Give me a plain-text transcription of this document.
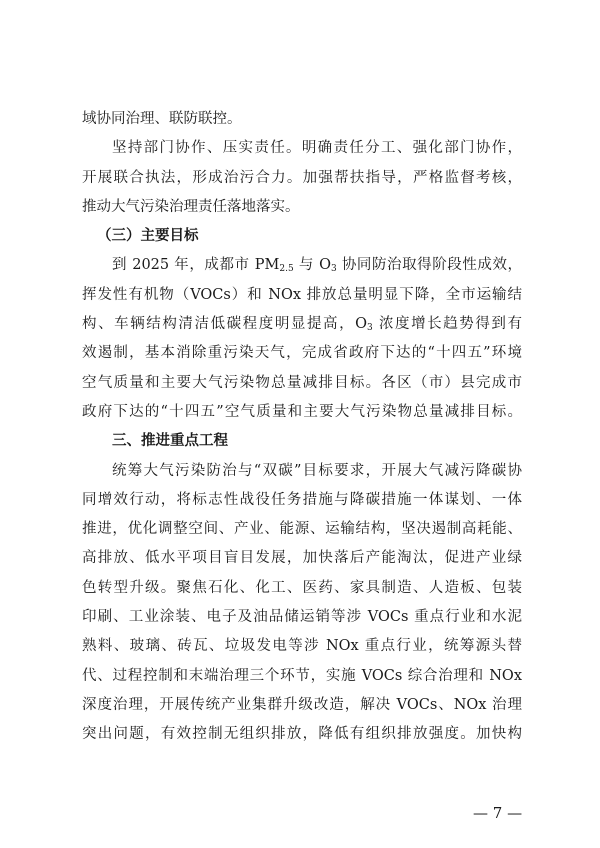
域协同治理、联防联控。
坚持部门协作、压实责任。明确责任分工、强化部门协作，
开展联合执法，形成治污合力。加强帮扶指导，严格监督考核，
推动大气污染治理责任落地落实。
（三）主要目标
到 2025 年，成都市 $PM_{2.5}$ 与 $O_3$ 协同防治取得阶段性成效，
挥发性有机物（VOCs）和 NOx 排放总量明显下降，全市运输结
构、车辆结构清洁低碳程度明显提高，$O_3$ 浓度增长趋势得到有
效遏制，基本消除重污染天气，完成省政府下达的“十四五”环境
空气质量和主要大气污染物总量减排目标。各区（市）县完成市
政府下达的“十四五”空气质量和主要大气污染物总量减排目标。
三、推进重点工程
统筹大气污染防治与“双碳”目标要求，开展大气减污降碳协
同增效行动，将标志性战役任务措施与降碳措施一体谋划、一体
推进，优化调整空间、产业、能源、运输结构，坚决遏制高耗能、
高排放、低水平项目盲目发展，加快落后产能淘汰，促进产业绿
色转型升级。聚焦石化、化工、医药、家具制造、人造板、包装
印刷、工业涂装、电子及油品储运销等涉 VOCs 重点行业和水泥
熟料、玻璃、砖瓦、垃圾发电等涉 NOx 重点行业，统筹源头替
代、过程控制和末端治理三个环节，实施 VOCs 综合治理和 NOx
深度治理，开展传统产业集群升级改造，解决 VOCs、NOx 治理
突出问题，有效控制无组织排放，降低有组织排放强度。加快构
— 7 —
